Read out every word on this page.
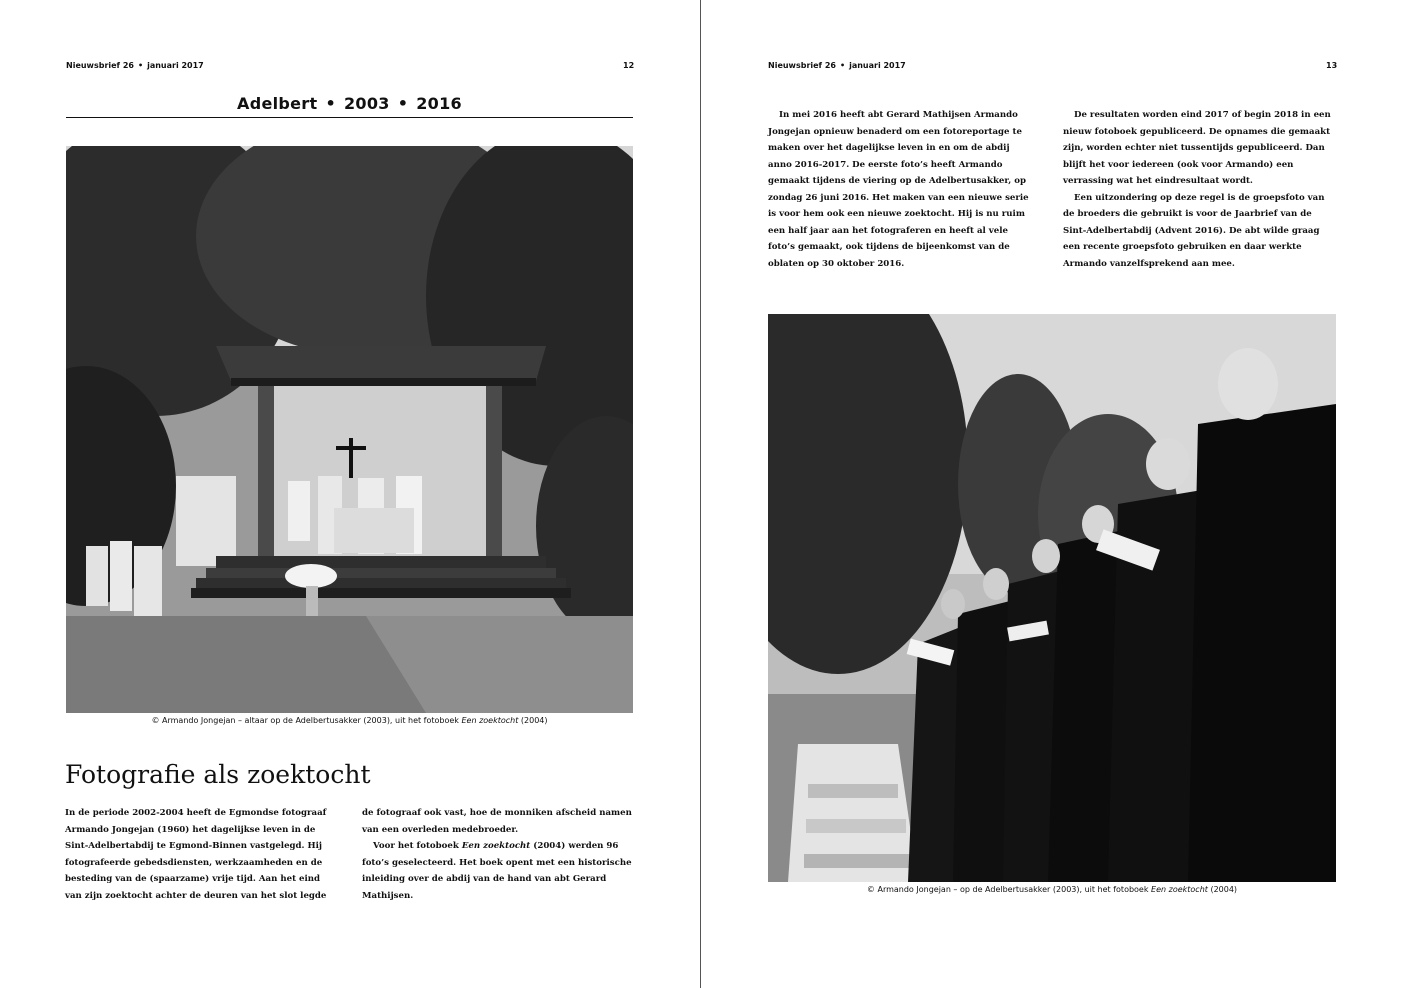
Nieuwsbrief 26 • januari 2017	12
Adelbert • 2003 • 2016
© Armando Jongejan – altaar op de Adelbertusakker (2003), uit het fotoboek Een zoektocht (2004)
Fotografie als zoektocht

In de periode 2002-2004 heeft de Egmondse fotograaf Armando Jongejan (1960) het dagelijkse leven in de Sint-Adelbertabdij te Egmond-Binnen vastgelegd. Hij fotografeerde gebedsdiensten, werkzaamheden en de besteding van de (spaarzame) vrije tijd. Aan het eind van zijn zoektocht achter de deuren van het slot legde

de fotograaf ook vast, hoe de monniken afscheid namen van een overleden medebroeder.

Voor het fotoboek Een zoektocht (2004) werden 96 foto’s geselecteerd. Het boek opent met een historische inleiding over de abdij van de hand van abt Gerard Mathijsen.

Nieuwsbrief 26 • januari 2017	13

In mei 2016 heeft abt Gerard Mathijsen Armando Jongejan opnieuw benaderd om een fotoreportage te maken over het dagelijkse leven in en om de abdij anno 2016-2017. De eerste foto’s heeft Armando gemaakt tijdens de viering op de Adelbertusakker, op zondag 26 juni 2016. Het maken van een nieuwe serie is voor hem ook een nieuwe zoektocht. Hij is nu ruim een half jaar aan het fotograferen en heeft al vele foto’s gemaakt, ook tijdens de bijeenkomst van de oblaten op 30 oktober 2016.

De resultaten worden eind 2017 of begin 2018 in een nieuw fotoboek gepubliceerd. De opnames die gemaakt zijn, worden echter niet tussentijds gepubliceerd. Dan blijft het voor iedereen (ook voor Armando) een verrassing wat het eindresultaat wordt.

Een uitzondering op deze regel is de groepsfoto van de broeders die gebruikt is voor de Jaarbrief van de Sint-Adelbertabdij (Advent 2016). De abt wilde graag een recente groepsfoto gebruiken en daar werkte Armando vanzelfsprekend aan mee.

© Armando Jongejan – op de Adelbertusakker (2003), uit het fotoboek Een zoektocht (2004)
